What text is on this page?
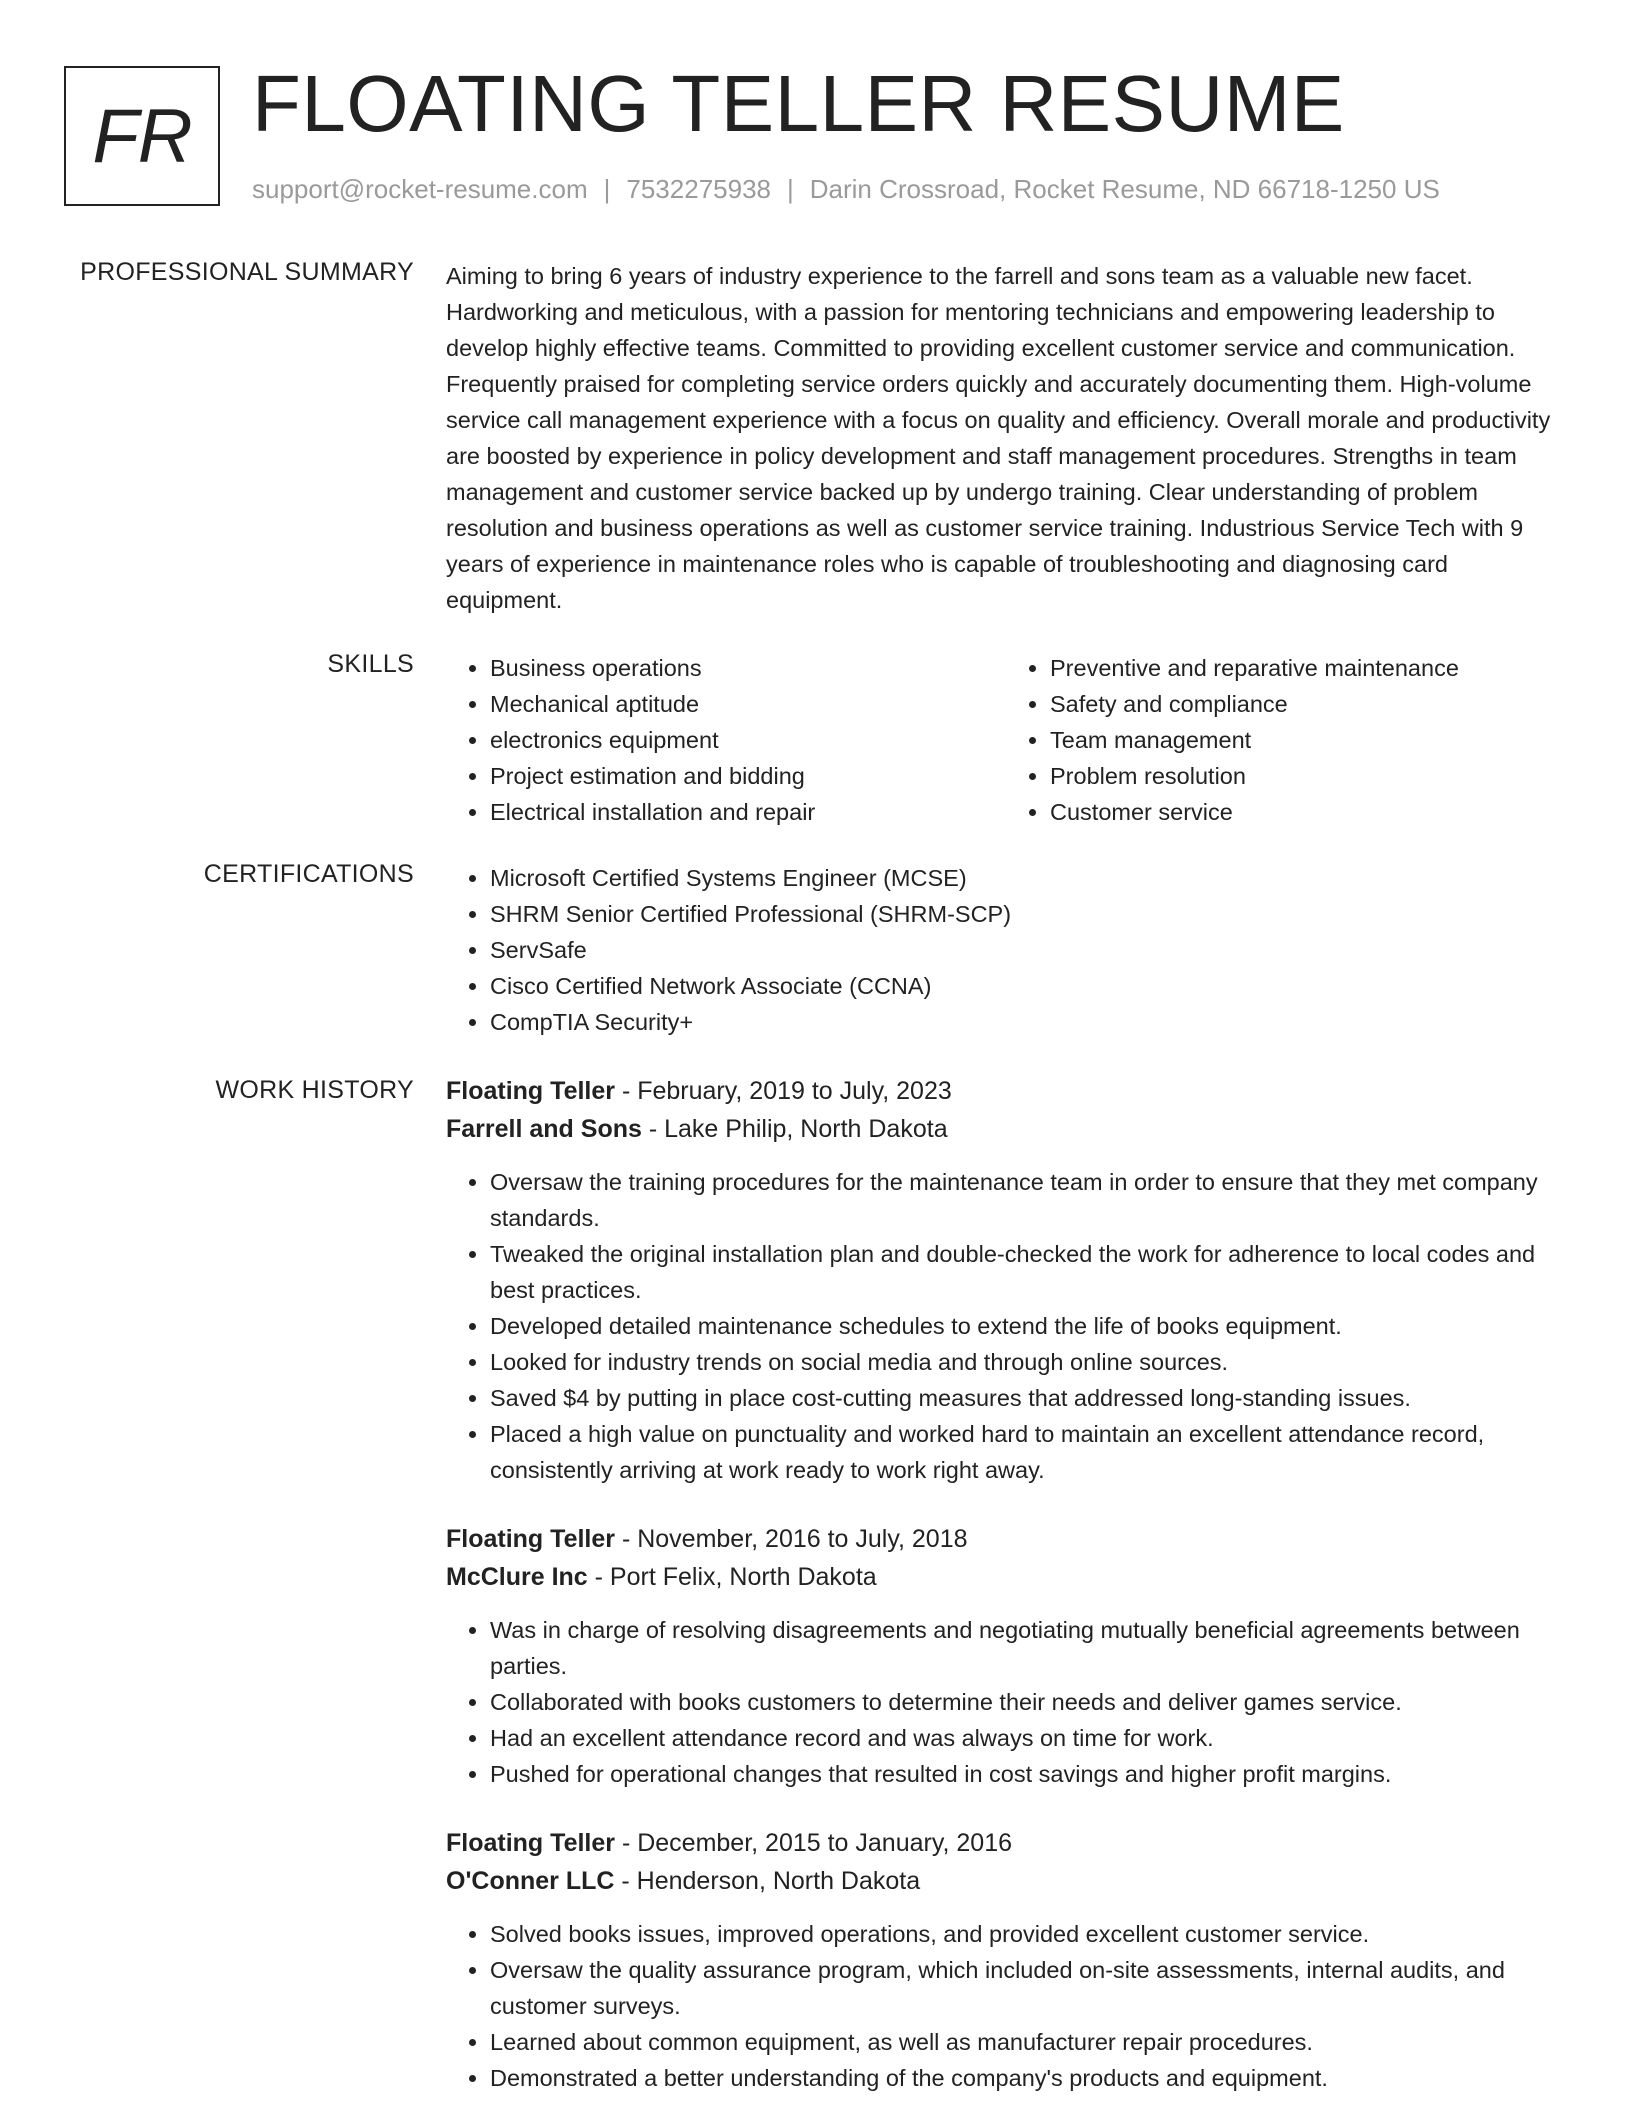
FR FLOATING TELLER RESUME
support@rocket-resume.com | 7532275938 | Darin Crossroad, Rocket Resume, ND 66718-1250 US
PROFESSIONAL SUMMARY Aiming to bring 6 years of industry experience to the farrell and sons team as a valuable new facet. Hardworking and meticulous, with a passion for mentoring technicians and empowering leadership to develop highly effective teams. Committed to providing excellent customer service and communication. Frequently praised for completing service orders quickly and accurately documenting them. High-volume service call management experience with a focus on quality and efficiency. Overall morale and productivity are boosted by experience in policy development and staff management procedures. Strengths in team management and customer service backed up by undergo training. Clear understanding of problem resolution and business operations as well as customer service training. Industrious Service Tech with 9 years of experience in maintenance roles who is capable of troubleshooting and diagnosing card equipment.

SKILLS	• Business operations
• Mechanical aptitude
• electronics equipment
• Project estimation and bidding
• Electrical installation and repair
• Preventive and reparative maintenance
• Safety and compliance
• Team management
• Problem resolution
• Customer service
CERTIFICATIONS	• Microsoft Certified Systems Engineer (MCSE)
• SHRM Senior Certified Professional (SHRM-SCP)
• ServSafe
• Cisco Certified Network Associate (CCNA)
• CompTIA Security+
WORK HISTORY Floating Teller - February, 2019 to July, 2023
Farrell and Sons - Lake Philip, North Dakota
• Oversaw the training procedures for the maintenance team in order to ensure that they met company standards.
• Tweaked the original installation plan and double-checked the work for adherence to local codes and best practices.
• Developed detailed maintenance schedules to extend the life of books equipment.
• Looked for industry trends on social media and through online sources.
• Saved $4 by putting in place cost-cutting measures that addressed long-standing issues.
• Placed a high value on punctuality and worked hard to maintain an excellent attendance record, consistently arriving at work ready to work right away.
Floating Teller - November, 2016 to July, 2018
McClure Inc - Port Felix, North Dakota
• Was in charge of resolving disagreements and negotiating mutually beneficial agreements between parties.
• Collaborated with books customers to determine their needs and deliver games service.
• Had an excellent attendance record and was always on time for work.
• Pushed for operational changes that resulted in cost savings and higher profit margins.
Floating Teller - December, 2015 to January, 2016
O'Conner LLC - Henderson, North Dakota
• Solved books issues, improved operations, and provided excellent customer service.
• Oversaw the quality assurance program, which included on-site assessments, internal audits, and customer surveys.
• Learned about common equipment, as well as manufacturer repair procedures.
• Demonstrated a better understanding of the company's products and equipment.
